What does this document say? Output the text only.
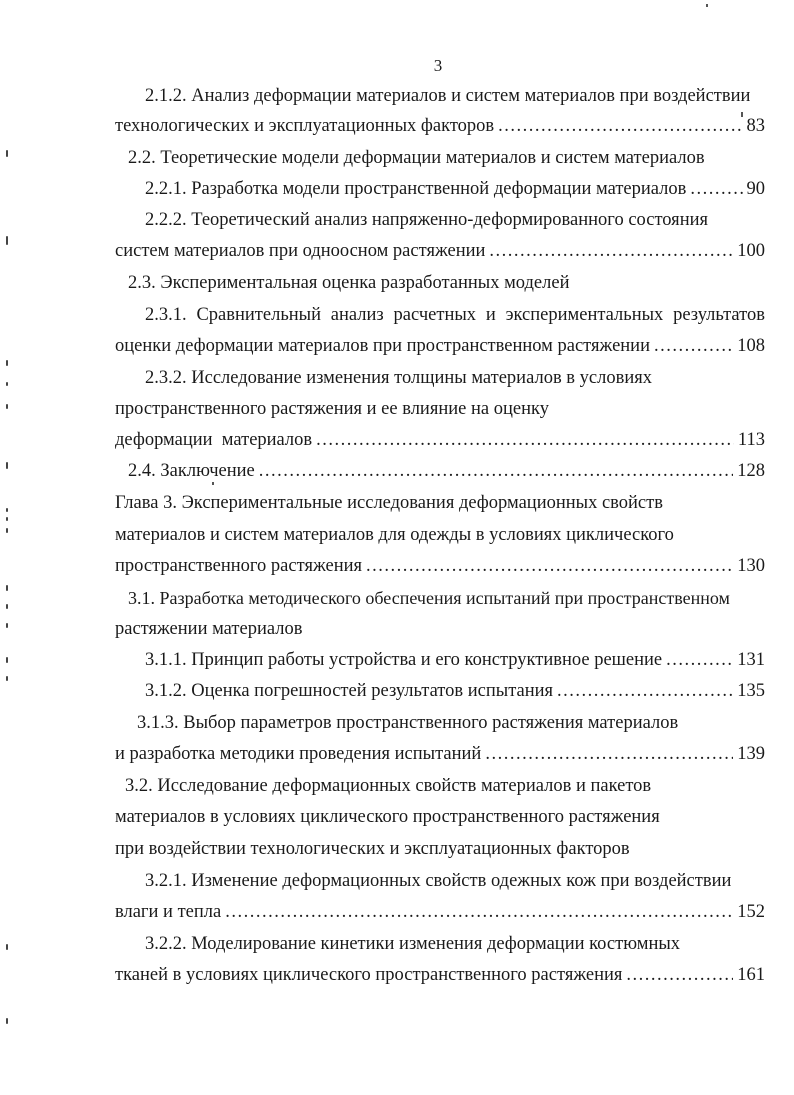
3
2.1.2. Анализ деформации материалов и систем материалов при воздействии
технологических и эксплуатационных факторов .....	83
2.2. Теоретические модели деформации материалов и систем материалов
2.2.1. Разработка модели пространственной деформации материалов .....	90
2.2.2. Теоретический анализ напряженно-деформированного состояния
систем материалов при одноосном растяжении .....	100
2.3. Экспериментальная оценка разработанных моделей
2.3.1. Сравнительный анализ расчетных и экспериментальных результатов
оценки деформации материалов при пространственном растяжении .....	108
2.3.2. Исследование изменения толщины материалов в условиях
пространственного растяжения и ее влияние на оценку
деформации  материалов .....	113
2.4. Заключение .....	128
Глава 3. Экспериментальные исследования деформационных свойств
материалов и систем материалов для одежды в условиях циклического
пространственного растяжения .....	130
3.1. Разработка методического обеспечения испытаний при пространственном
растяжении материалов
3.1.1. Принцип работы устройства и его конструктивное решение .....	131
3.1.2. Оценка погрешностей результатов испытания .....	135
3.1.3. Выбор параметров пространственного растяжения материалов
и разработка методики проведения испытаний .....	139
3.2. Исследование деформационных свойств материалов и пакетов
материалов в условиях циклического пространственного растяжения
при воздействии технологических и эксплуатационных факторов
3.2.1. Изменение деформационных свойств одежных кож при воздействии
влаги и тепла .....	152
3.2.2. Моделирование кинетики изменения деформации костюмных
тканей в условиях циклического пространственного растяжения .....	161
